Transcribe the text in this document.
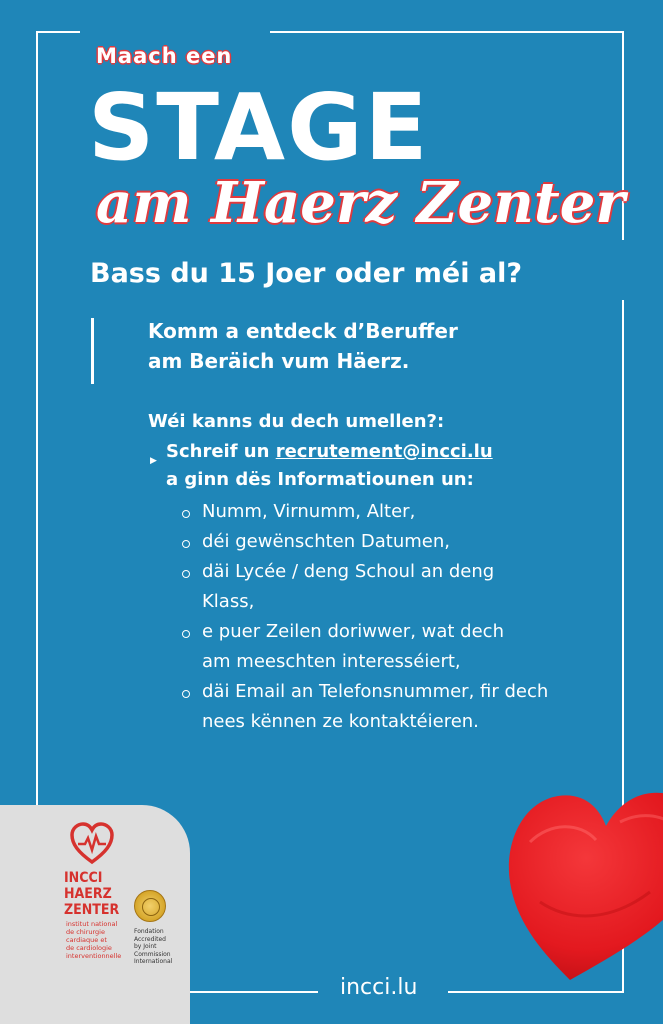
Maach een
STAGE
am Haerz Zenter
Bass du 15 Joer oder méi al?
Komm a entdeck d’Beruffer
am Beräich vum Häerz.
Wéi kanns du dech umellen?:
▶ Schreif un recrutement@incci.lu
a ginn dës Informatiounen un:
Numm, Virnumm, Alter,
déi gewënschten Datumen,
däi Lycée / deng Schoul an deng Klass,
e puer Zeilen doriwwer, wat dech am meeschten interesséiert,
däi Email an Telefonsnummer, fir dech nees kënnen ze kontaktéieren.
INCCI
HAERZ
ZENTER
institut national
de chirurgie
cardiaque et
de cardiologie
interventionnelle
Fondation
Accredited
by Joint
Commission
International
incci.lu
